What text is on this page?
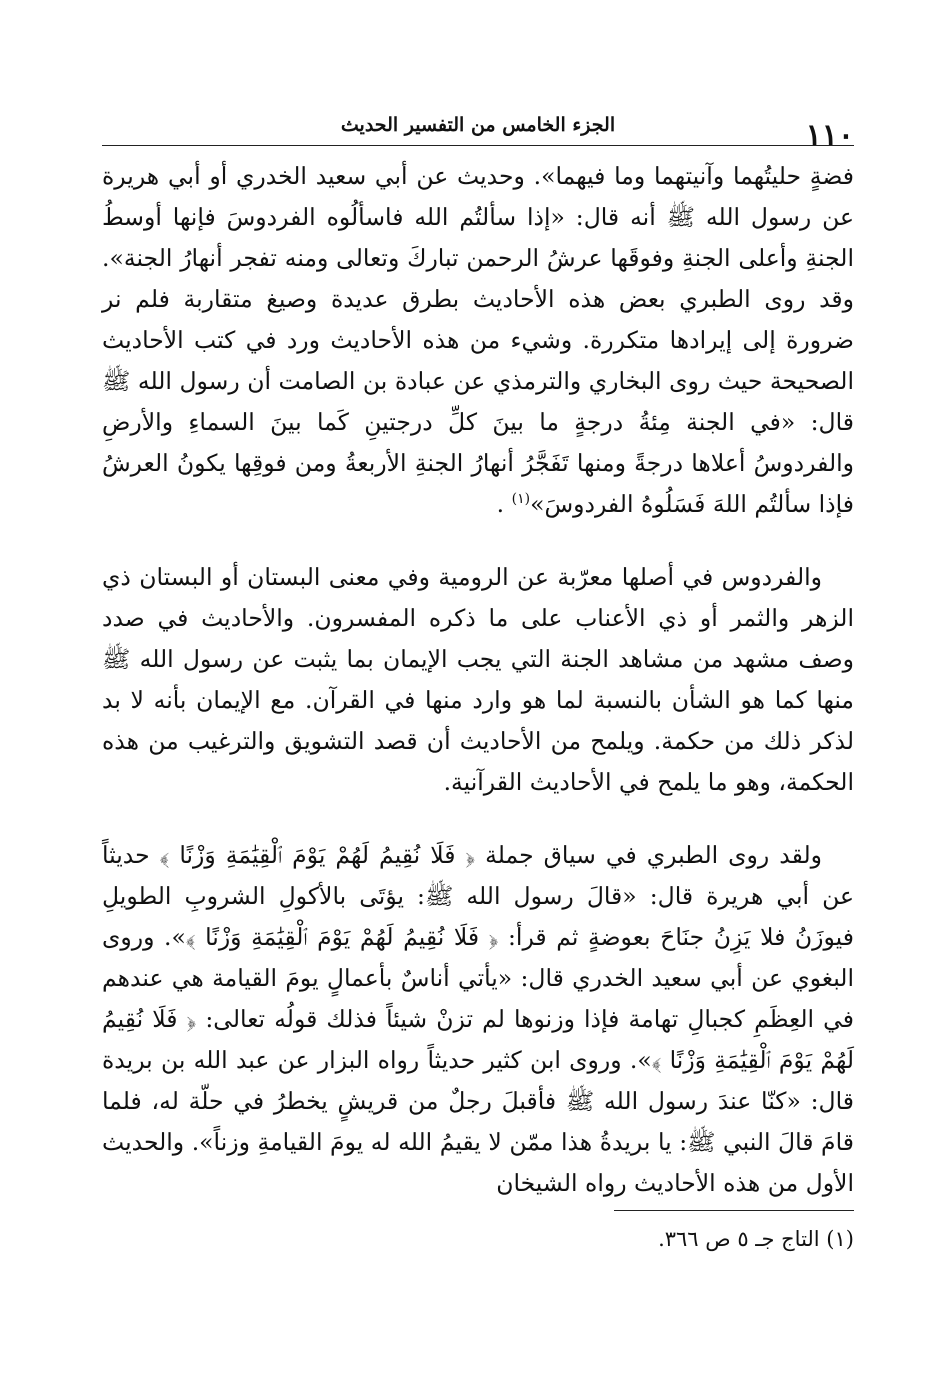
١١٠
الجزء الخامس من التفسير الحديث

فضةٍ حليتُهما وآنيتهما وما فيهما». وحديث عن أبي سعيد الخدري أو أبي هريرة عن رسول الله ﷺ أنه قال: «إذا سألتُم الله فاسألُوه الفردوسَ فإنها أوسطُ الجنةِ وأعلى الجنةِ وفوقَها عرشُ الرحمن تباركَ وتعالى ومنه تفجر أنهارُ الجنة». وقد روى الطبري بعض هذه الأحاديث بطرق عديدة وصيغ متقاربة فلم نر ضرورة إلى إيرادها متكررة. وشيء من هذه الأحاديث ورد في كتب الأحاديث الصحيحة حيث روى البخاري والترمذي عن عبادة بن الصامت أن رسول الله ﷺ قال: «في الجنة مِئةُ درجةٍ ما بينَ كلِّ درجتينِ كَما بينَ السماءِ والأرضِ والفردوسُ أعلاها درجةً ومنها تَفَجَّرُ أنهارُ الجنةِ الأربعةُ ومن فوقِها يكونُ العرشُ فإذا سألتُم اللهَ فَسَلُوهُ الفردوسَ»$^{(١)}$ .

والفردوس في أصلها معرّبة عن الرومية وفي معنى البستان أو البستان ذي الزهر والثمر أو ذي الأعناب على ما ذكره المفسرون. والأحاديث في صدد وصف مشهد من مشاهد الجنة التي يجب الإيمان بما يثبت عن رسول الله ﷺ منها كما هو الشأن بالنسبة لما هو وارد منها في القرآن. مع الإيمان بأنه لا بد لذكر ذلك من حكمة. ويلمح من الأحاديث أن قصد التشويق والترغيب من هذه الحكمة، وهو ما يلمح في الأحاديث القرآنية.

ولقد روى الطبري في سياق جملة ﴿ فَلَا نُقِيمُ لَهُمْ يَوْمَ ٱلْقِيَٰمَةِ وَزْنًا ﴾ حديثاً عن أبي هريرة قال: «قالَ رسول الله ﷺ: يؤتَى بالأكولِ الشروبِ الطويلِ فيوزَنُ فلا يَزِنُ جنَاحَ بعوضةٍ ثم قرأ: ﴿ فَلَا نُقِيمُ لَهُمْ يَوْمَ ٱلْقِيَٰمَةِ وَزْنًا ﴾». وروى البغوي عن أبي سعيد الخدري قال: «يأتي أناسٌ بأعمالٍ يومَ القيامة هي عندهم في العِظَمِ كجبالِ تهامة فإذا وزنوها لم تزنْ شيئاً فذلك قولُه تعالى: ﴿ فَلَا نُقِيمُ لَهُمْ يَوْمَ ٱلْقِيَٰمَةِ وَزْنًا ﴾». وروى ابن كثير حديثاً رواه البزار عن عبد الله بن بريدة قال: «كنّا عندَ رسول الله ﷺ فأقبلَ رجلٌ من قريشٍ يخطرُ في حلّة له، فلما قامَ قالَ النبي ﷺ: يا بريدةُ هذا ممّن لا يقيمُ الله له يومَ القيامةِ وزناً». والحديث الأول من هذه الأحاديث رواه الشيخان

(١) التاج جـ ٥ ص ٣٦٦.
